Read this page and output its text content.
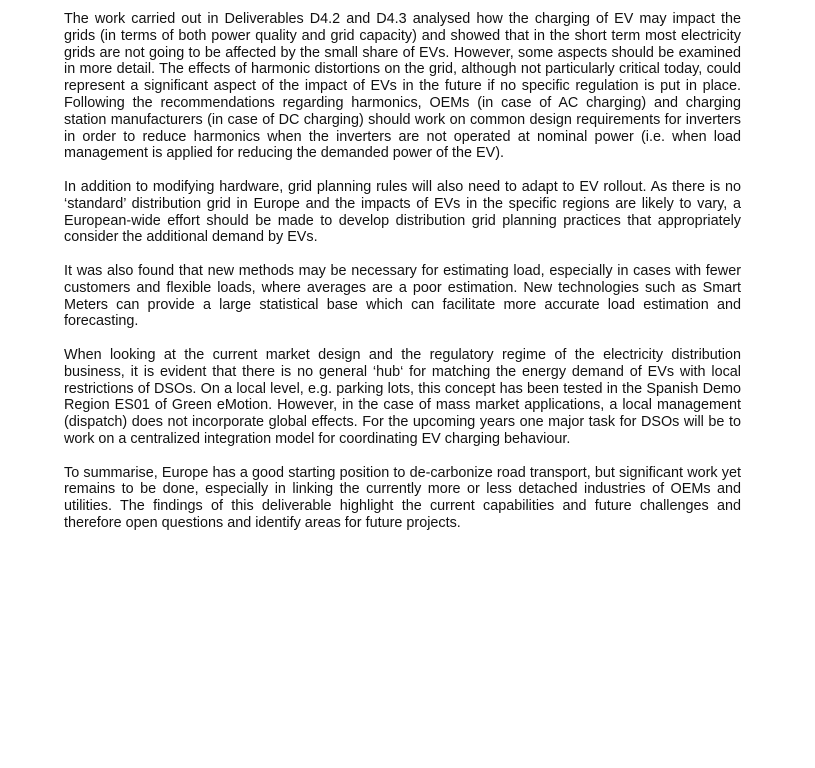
The work carried out in Deliverables D4.2 and D4.3 analysed how the charging of EV may impact the grids (in terms of both power quality and grid capacity) and showed that in the short term most electricity grids are not going to be affected by the small share of EVs. However, some aspects should be examined in more detail. The effects of harmonic distortions on the grid, although not particularly critical today, could represent a significant aspect of the impact of EVs in the future if no specific regulation is put in place. Following the recommendations regarding harmonics, OEMs (in case of AC charging) and charging station manufacturers (in case of DC charging) should work on common design requirements for inverters in order to reduce harmonics when the inverters are not operated at nominal power (i.e. when load management is applied for reducing the demanded power of the EV).

In addition to modifying hardware, grid planning rules will also need to adapt to EV rollout. As there is no ‘standard’ distribution grid in Europe and the impacts of EVs in the specific regions are likely to vary, a European-wide effort should be made to develop distribution grid planning practices that appropriately consider the additional demand by EVs.

It was also found that new methods may be necessary for estimating load, especially in cases with fewer customers and flexible loads, where averages are a poor estimation. New technologies such as Smart Meters can provide a large statistical base which can facilitate more accurate load estimation and forecasting.

When looking at the current market design and the regulatory regime of the electricity distribution business, it is evident that there is no general ‘hub‘ for matching the energy demand of EVs with local restrictions of DSOs. On a local level, e.g. parking lots, this concept has been tested in the Spanish Demo Region ES01 of Green eMotion. However, in the case of mass market applications, a local management (dispatch) does not incorporate global effects. For the upcoming years one major task for DSOs will be to work on a centralized integration model for coordinating EV charging behaviour.

To summarise, Europe has a good starting position to de-carbonize road transport, but significant work yet remains to be done, especially in linking the currently more or less detached industries of OEMs and utilities. The findings of this deliverable highlight the current capabilities and future challenges and therefore open questions and identify areas for future projects.
